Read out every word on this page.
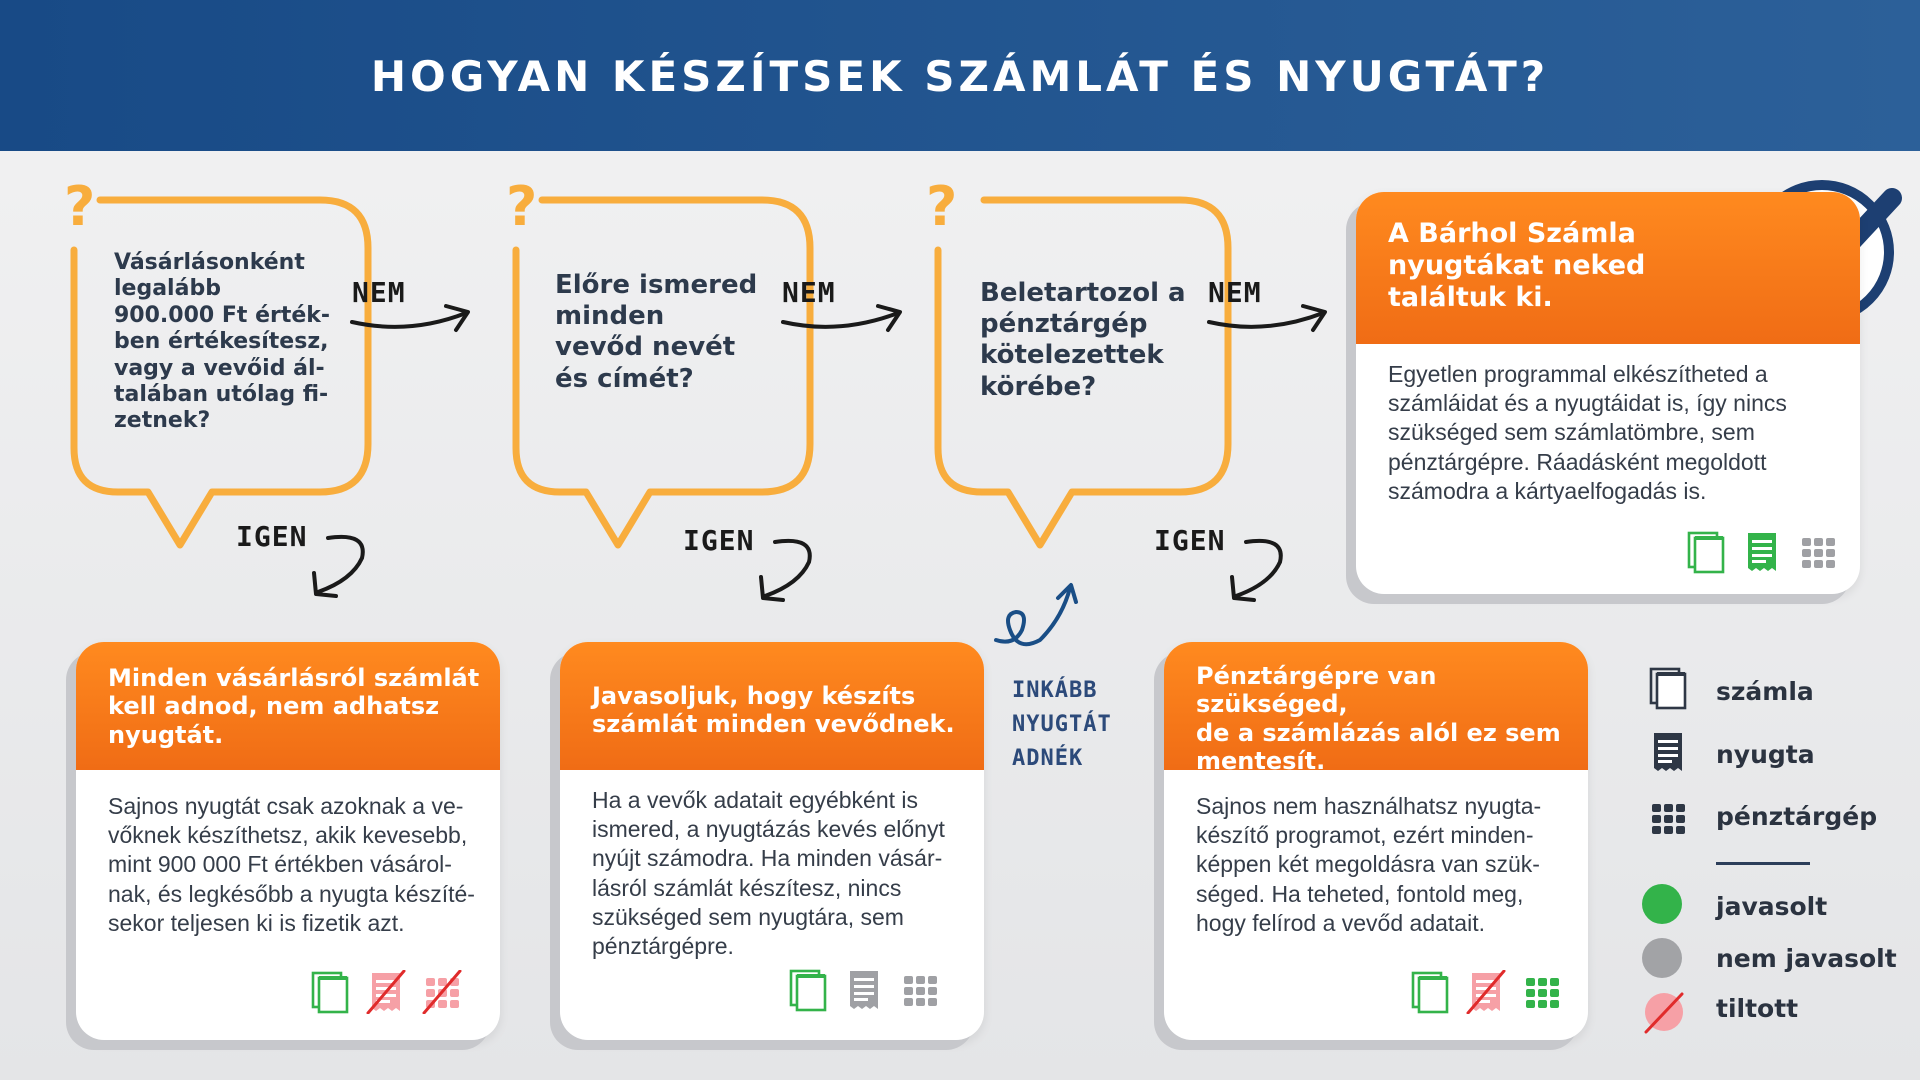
HOGYAN KÉSZÍTSEK SZÁMLÁT ÉS NYUGTÁT?
?	?	?
Vásárlásonként
legalább
900.000 Ft érték-
ben értékesítesz,
vagy a vevőid ál-
talában utólag fi-
zetnek?
Előre ismered
minden
vevőd nevét
és címét?
Beletartozol a
pénztárgép
kötelezettek
körébe?
NEM	NEM	NEM
IGEN	IGEN	IGEN
INKÁBB
NYUGTÁT
ADNÉK
A Bárhol Számla
nyugtákat neked
találtuk ki.
Egyetlen programmal elkészítheted a
számláidat és a nyugtáidat is, így nincs
szükséged sem számlatömbre, sem
pénztárgépre. Ráadásként megoldott
számodra a kártyaelfogadás is.
Minden vásárlásról számlát
kell adnod, nem adhatsz
nyugtát.
Sajnos nyugtát csak azoknak a ve-
vőknek készíthetsz, akik kevesebb,
mint 900 000 Ft értékben vásárol-
nak, és legkésőbb a nyugta készíté-
sekor teljesen ki is fizetik azt.
Javasoljuk, hogy készíts
számlát minden vevődnek.
Ha a vevők adatait egyébként is
ismered, a nyugtázás kevés előnyt
nyújt számodra. Ha minden vásár-
lásról számlát készítesz, nincs
szükséged sem nyugtára, sem
pénztárgépre.
Pénztárgépre van szükséged,
de a számlázás alól ez sem
mentesít.
Sajnos nem használhatsz nyugta-
készítő programot, ezért minden-
képpen két megoldásra van szük-
séged. Ha teheted, fontold meg,
hogy felírod a vevőd adatait.
számla
nyugta
pénztárgép
javasolt
nem javasolt
tiltott
